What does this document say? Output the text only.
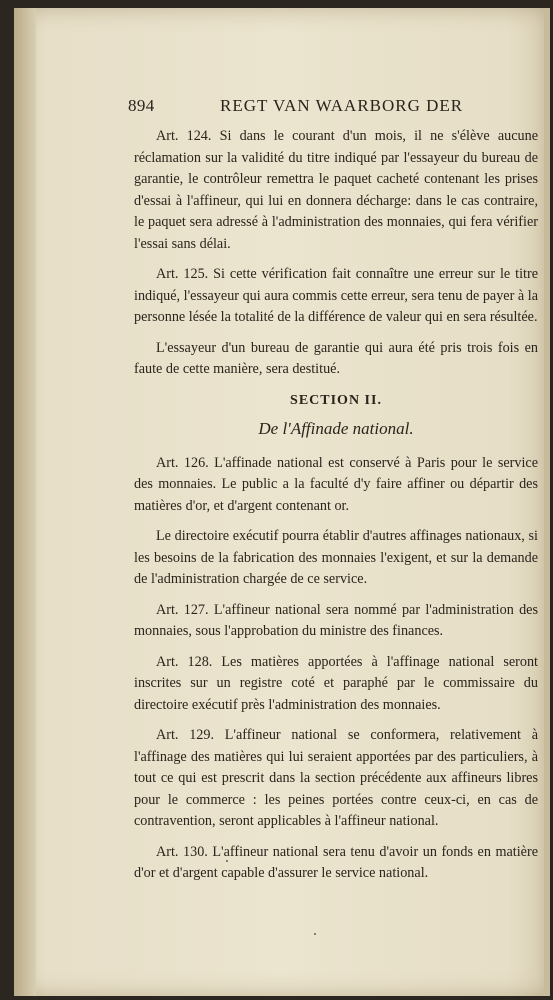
894	REGT VAN WAARBORG DER

Art. 124. Si dans le courant d'un mois, il ne s'élève aucune réclamation sur la validité du titre indiqué par l'essayeur du bureau de garantie, le contrôleur remettra le paquet cacheté contenant les prises d'essai à l'affineur, qui lui en donnera décharge: dans le cas contraire, le paquet sera adressé à l'administration des monnaies, qui fera vérifier l'essai sans délai.

Art. 125. Si cette vérification fait connaître une erreur sur le titre indiqué, l'essayeur qui aura commis cette erreur, sera tenu de payer à la personne lésée la totalité de la différence de valeur qui en sera résultée.

L'essayeur d'un bureau de garantie qui aura été pris trois fois en faute de cette manière, sera destitué.

SECTION II.
De l'Affinade national.

Art. 126. L'affinade national est conservé à Paris pour le service des monnaies. Le public a la faculté d'y faire affiner ou départir des matières d'or, et d'argent contenant or.

Le directoire exécutif pourra établir d'autres affinages nationaux, si les besoins de la fabrication des monnaies l'exigent, et sur la demande de l'administration chargée de ce service.

Art. 127. L'affineur national sera nommé par l'administration des monnaies, sous l'approbation du ministre des finances.

Art. 128. Les matières apportées à l'affinage national seront inscrites sur un registre coté et paraphé par le commissaire du directoire exécutif près l'administration des monnaies.

Art. 129. L'affineur national se conformera, relativement à l'affinage des matières qui lui seraient apportées par des particuliers, à tout ce qui est prescrit dans la section précédente aux affineurs libres pour le commerce : les peines portées contre ceux-ci, en cas de contravention, seront applicables à l'affineur national.

Art. 130. L'affineur national sera tenu d'avoir un fonds en matière d'or et d'argent capable d'assurer le service national.
